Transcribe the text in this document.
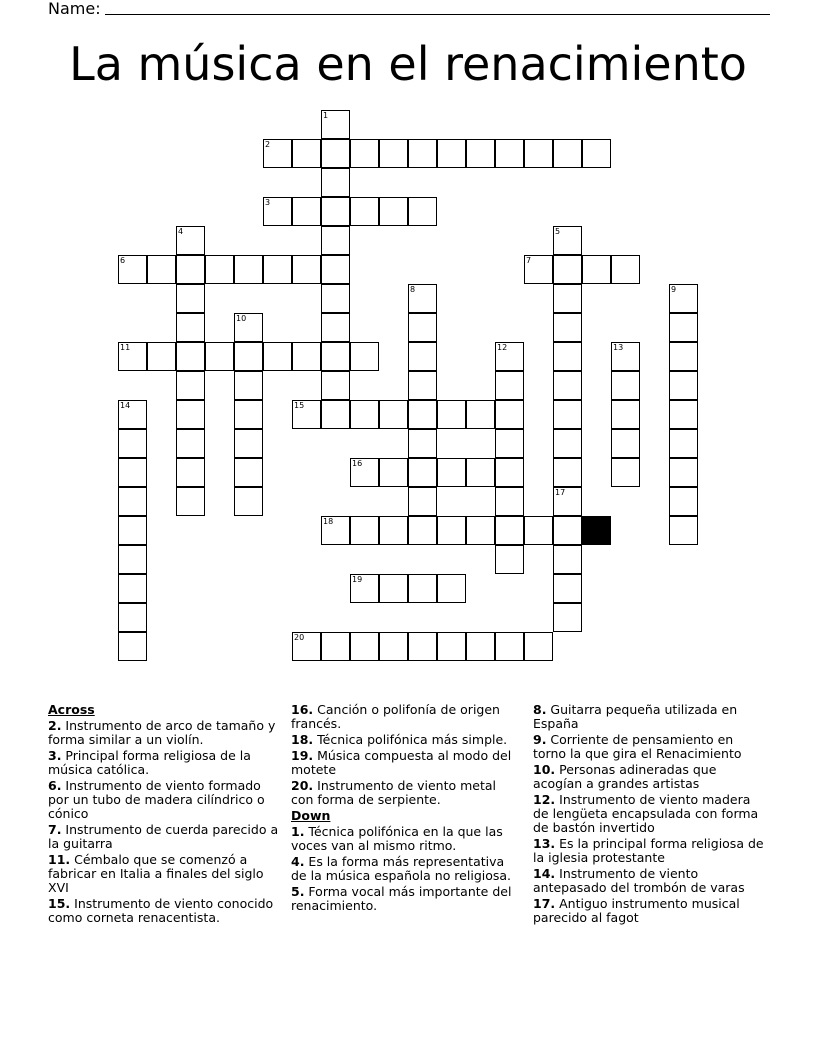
Name:
La música en el renacimiento
1
2
3
4	5
6	7
8	9
10
11	12	13
14	15
16
17
18
19
20
Across
2. Instrumento de arco de tamaño y forma similar a un violín.
3. Principal forma religiosa de la música católica.
6. Instrumento de viento formado por un tubo de madera cilíndrico o cónico
7. Instrumento de cuerda parecido a la guitarra
11. Cémbalo que se comenzó a fabricar en Italia a finales del siglo XVI
15. Instrumento de viento conocido como corneta renacentista.
16. Canción o polifonía de origen francés.
18. Técnica polifónica más simple.
19. Música compuesta al modo del motete
20. Instrumento de viento metal con forma de serpiente.
Down
1. Técnica polifónica en la que las voces van al mismo ritmo.
4. Es la forma más representativa de la música española no religiosa.
5. Forma vocal más importante del renacimiento.
8. Guitarra pequeña utilizada en España
9. Corriente de pensamiento en torno la que gira el Renacimiento
10. Personas adineradas que acogían a grandes artistas
12. Instrumento de viento madera de lengüeta encapsulada con forma de bastón invertido
13. Es la principal forma religiosa de la iglesia protestante
14. Instrumento de viento antepasado del trombón de varas
17. Antiguo instrumento musical parecido al fagot
